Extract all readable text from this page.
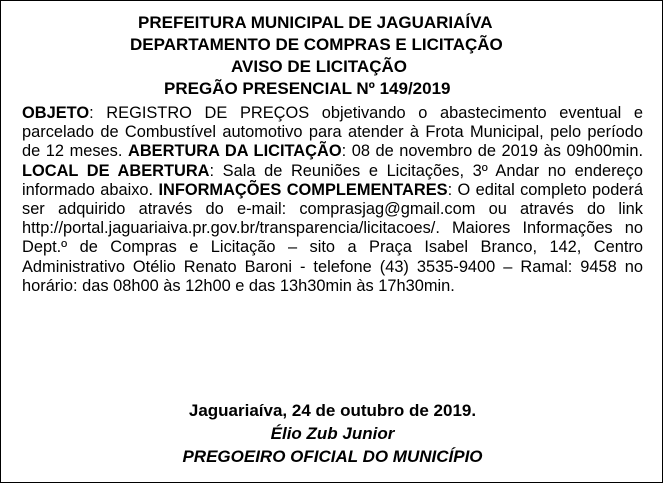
PREFEITURA MUNICIPAL DE JAGUARIAÍVA
DEPARTAMENTO DE COMPRAS E LICITAÇÃO
AVISO DE LICITAÇÃO
PREGÃO PRESENCIAL Nº 149/2019
OBJETO: REGISTRO DE PREÇOS objetivando o abastecimento eventual e parcelado de Combustível automotivo para atender à Frota Municipal, pelo período de 12 meses. ABERTURA DA LICITAÇÃO: 08 de novembro de 2019 às 09h00min. LOCAL DE ABERTURA: Sala de Reuniões e Licitações, 3º Andar no endereço informado abaixo. INFORMAÇÕES COMPLEMENTARES: O edital completo poderá ser adquirido através do e-mail: comprasjag@gmail.com ou através do link http://portal.jaguariaiva.pr.gov.br/transparencia/licitacoes/. Maiores Informações no Dept.º de Compras e Licitação – sito a Praça Isabel Branco, 142, Centro Administrativo Otélio Renato Baroni - telefone (43) 3535-9400 – Ramal: 9458 no horário: das 08h00 às 12h00 e das 13h30min às 17h30min.
Jaguariaíva, 24 de outubro de 2019.
Élio Zub Junior
PREGOEIRO OFICIAL DO MUNICÍPIO
